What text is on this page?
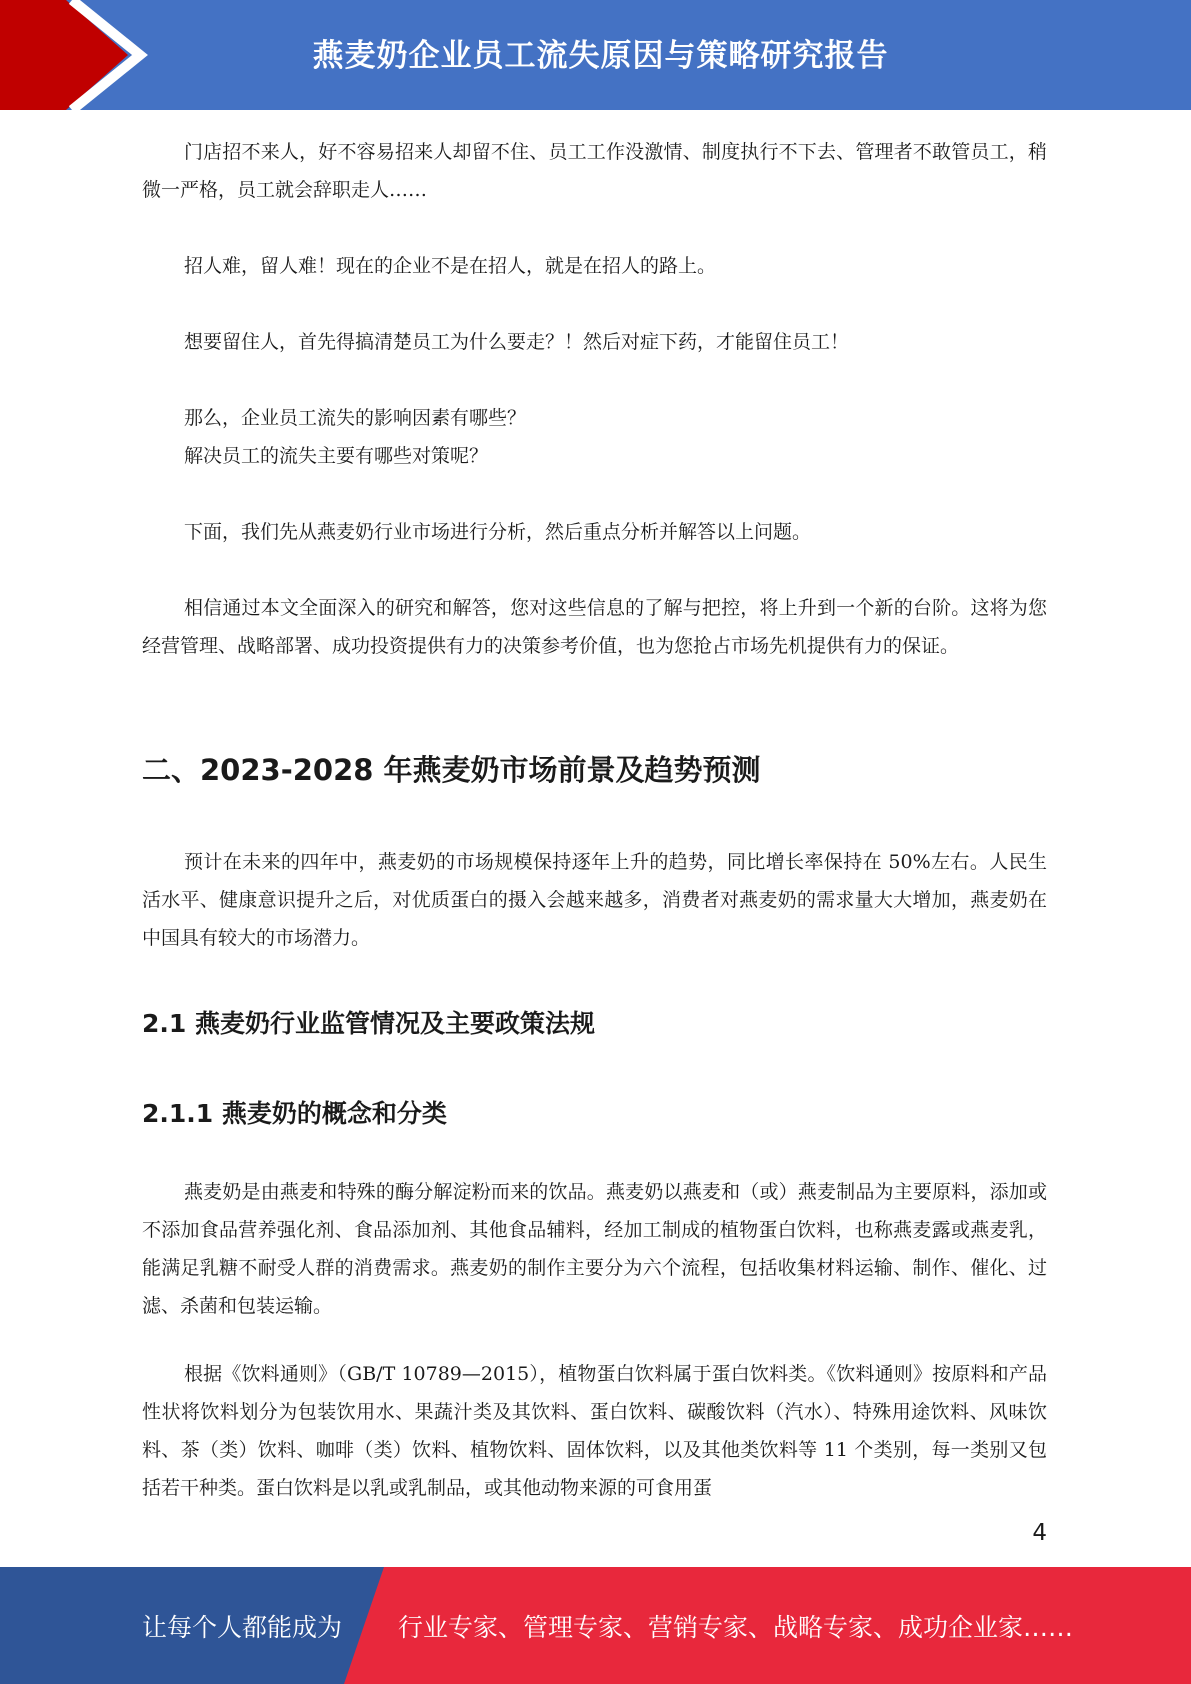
燕麦奶企业员工流失原因与策略研究报告

门店招不来人，好不容易招来人却留不住、员工工作没激情、制度执行不下去、管理者不敢管员工，稍微一严格，员工就会辞职走人……

招人难，留人难！现在的企业不是在招人，就是在招人的路上。

想要留住人，首先得搞清楚员工为什么要走？！然后对症下药，才能留住员工！

那么，企业员工流失的影响因素有哪些？

解决员工的流失主要有哪些对策呢？

下面，我们先从燕麦奶行业市场进行分析，然后重点分析并解答以上问题。

相信通过本文全面深入的研究和解答，您对这些信息的了解与把控，将上升到一个新的台阶。这将为您经营管理、战略部署、成功投资提供有力的决策参考价值，也为您抢占市场先机提供有力的保证。

二、2023-2028 年燕麦奶市场前景及趋势预测

预计在未来的四年中，燕麦奶的市场规模保持逐年上升的趋势，同比增长率保持在 50%左右。人民生活水平、健康意识提升之后，对优质蛋白的摄入会越来越多，消费者对燕麦奶的需求量大大增加，燕麦奶在中国具有较大的市场潜力。

2.1 燕麦奶行业监管情况及主要政策法规
2.1.1 燕麦奶的概念和分类

燕麦奶是由燕麦和特殊的酶分解淀粉而来的饮品。燕麦奶以燕麦和（或）燕麦制品为主要原料，添加或不添加食品营养强化剂、食品添加剂、其他食品辅料，经加工制成的植物蛋白饮料，也称燕麦露或燕麦乳，能满足乳糖不耐受人群的消费需求。燕麦奶的制作主要分为六个流程，包括收集材料运输、制作、催化、过滤、杀菌和包装运输。

根据《饮料通则》（GB/T 10789—2015），植物蛋白饮料属于蛋白饮料类。《饮料通则》按原料和产品性状将饮料划分为包装饮用水、果蔬汁类及其饮料、蛋白饮料、碳酸饮料（汽水）、特殊用途饮料、风味饮料、茶（类）饮料、咖啡（类）饮料、植物饮料、固体饮料，以及其他类饮料等 11 个类别，每一类别又包括若干种类。蛋白饮料是以乳或乳制品，或其他动物来源的可食用蛋

4
让每个人都能成为 行业专家、管理专家、营销专家、战略专家、成功企业家……
